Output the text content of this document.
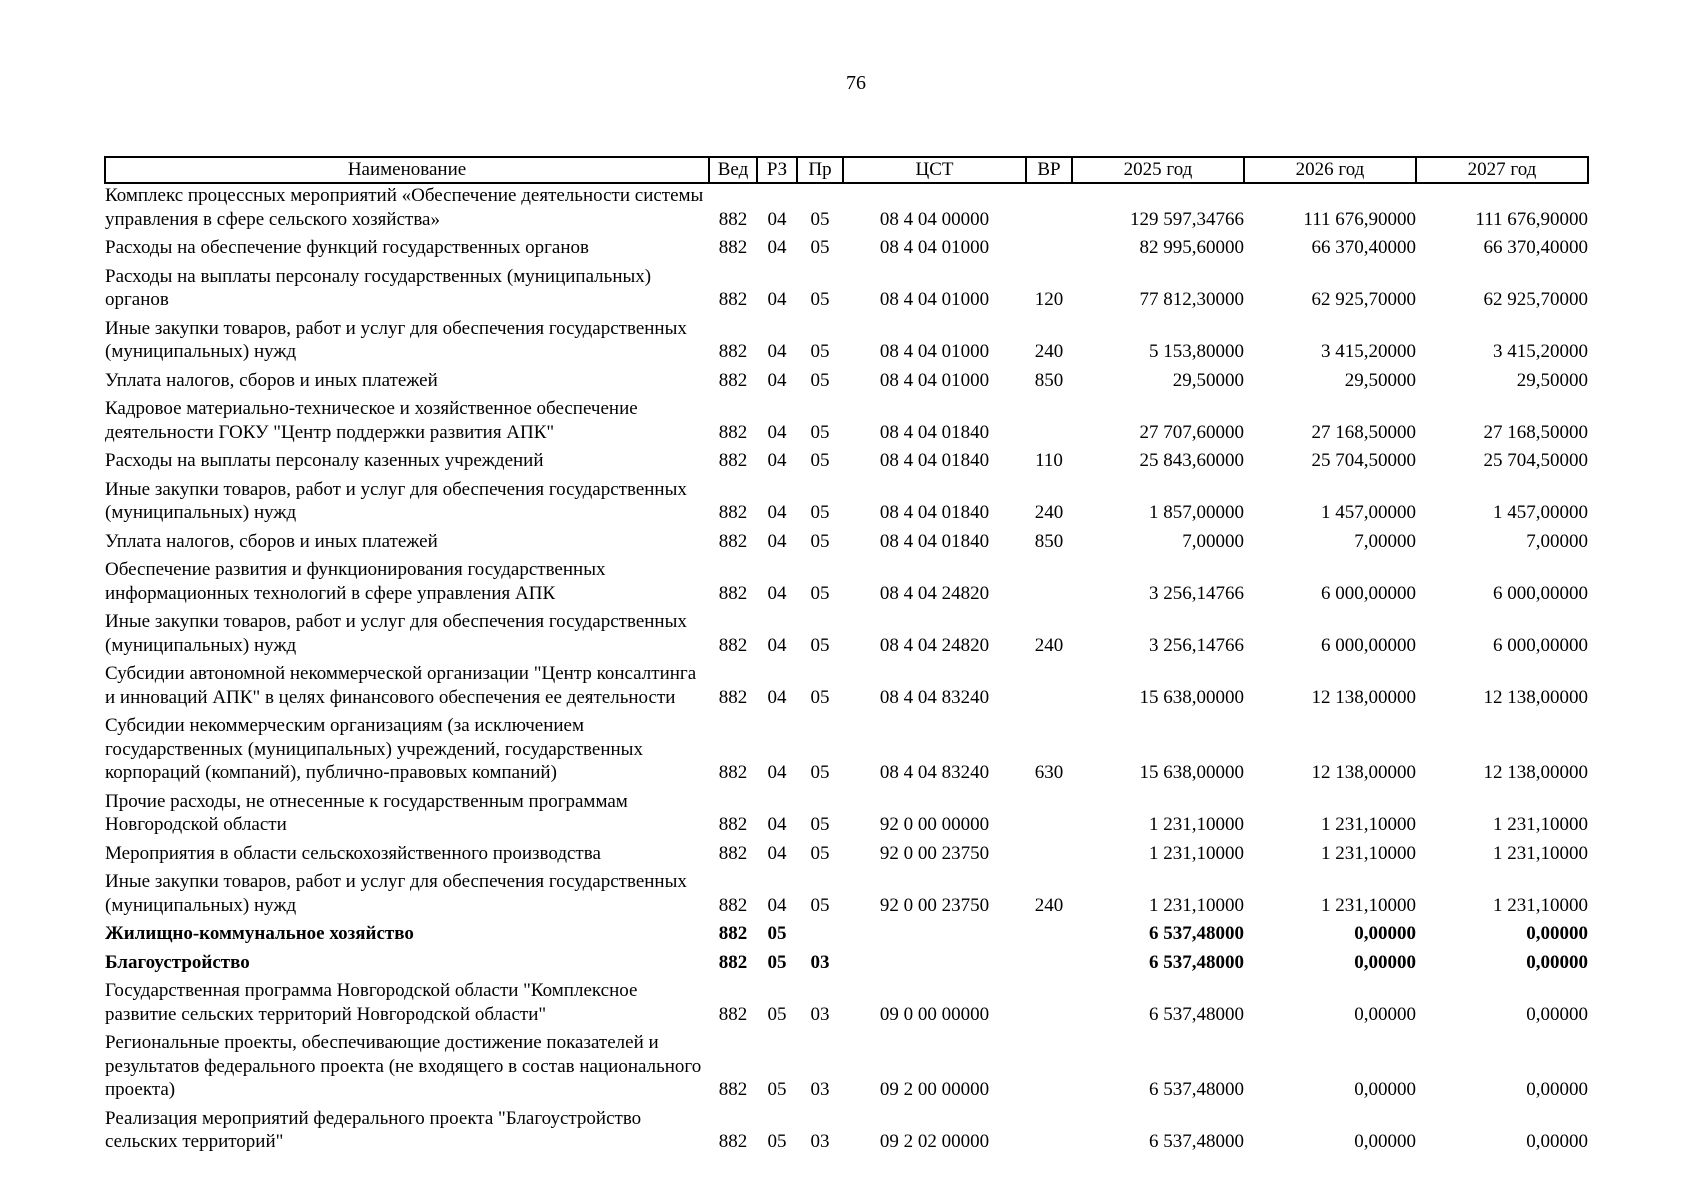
76
Наименование	Вед	РЗ	Пр	ЦСТ	ВР	2025 год	2026 год	2027 год
Комплекс процессных мероприятий «Обеспечение деятельности системы управления в сфере сельского хозяйства»	882	04	05	08 4 04 00000		129 597,34766	111 676,90000	111 676,90000
Расходы на обеспечение функций государственных органов	882	04	05	08 4 04 01000		82 995,60000	66 370,40000	66 370,40000
Расходы на выплаты персоналу государственных (муниципальных) органов	882	04	05	08 4 04 01000	120	77 812,30000	62 925,70000	62 925,70000
Иные закупки товаров, работ и услуг для обеспечения государственных (муниципальных) нужд	882	04	05	08 4 04 01000	240	5 153,80000	3 415,20000	3 415,20000
Уплата налогов, сборов и иных платежей	882	04	05	08 4 04 01000	850	29,50000	29,50000	29,50000
Кадровое материально-техническое и хозяйственное обеспечение деятельности ГОКУ "Центр поддержки развития АПК"	882	04	05	08 4 04 01840		27 707,60000	27 168,50000	27 168,50000
Расходы на выплаты персоналу казенных учреждений	882	04	05	08 4 04 01840	110	25 843,60000	25 704,50000	25 704,50000
Иные закупки товаров, работ и услуг для обеспечения государственных (муниципальных) нужд	882	04	05	08 4 04 01840	240	1 857,00000	1 457,00000	1 457,00000
Уплата налогов, сборов и иных платежей	882	04	05	08 4 04 01840	850	7,00000	7,00000	7,00000
Обеспечение развития и функционирования государственных информационных технологий в сфере управления АПК	882	04	05	08 4 04 24820		3 256,14766	6 000,00000	6 000,00000
Иные закупки товаров, работ и услуг для обеспечения государственных (муниципальных) нужд	882	04	05	08 4 04 24820	240	3 256,14766	6 000,00000	6 000,00000
Субсидии автономной некоммерческой организации "Центр консалтинга и инноваций АПК" в целях финансового обеспечения ее деятельности	882	04	05	08 4 04 83240		15 638,00000	12 138,00000	12 138,00000
Субсидии некоммерческим организациям (за исключением государственных (муниципальных) учреждений, государственных корпораций (компаний), публично-правовых компаний)	882	04	05	08 4 04 83240	630	15 638,00000	12 138,00000	12 138,00000
Прочие расходы, не отнесенные к государственным программам Новгородской области	882	04	05	92 0 00 00000		1 231,10000	1 231,10000	1 231,10000
Мероприятия в области сельскохозяйственного производства	882	04	05	92 0 00 23750		1 231,10000	1 231,10000	1 231,10000
Иные закупки товаров, работ и услуг для обеспечения государственных (муниципальных) нужд	882	04	05	92 0 00 23750	240	1 231,10000	1 231,10000	1 231,10000
Жилищно-коммунальное хозяйство	882	05				6 537,48000	0,00000	0,00000
Благоустройство	882	05	03			6 537,48000	0,00000	0,00000
Государственная программа Новгородской области "Комплексное развитие сельских территорий Новгородской области"	882	05	03	09 0 00 00000		6 537,48000	0,00000	0,00000
Региональные проекты, обеспечивающие достижение показателей и результатов федерального проекта (не входящего в состав национального проекта)	882	05	03	09 2 00 00000		6 537,48000	0,00000	0,00000
Реализация мероприятий федерального проекта "Благоустройство сельских территорий"	882	05	03	09 2 02 00000		6 537,48000	0,00000	0,00000
